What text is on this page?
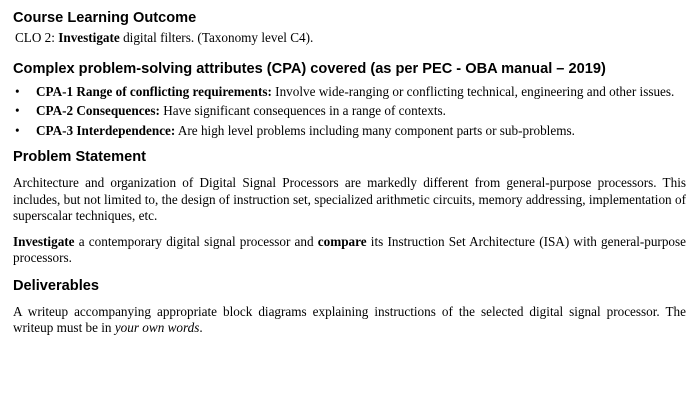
Course Learning Outcome

CLO 2: Investigate digital filters. (Taxonomy level C4).

Complex problem-solving attributes (CPA) covered (as per PEC - OBA manual – 2019)
• CPA-1 Range of conflicting requirements: Involve wide-ranging or conflicting technical, engineering and other issues.
• CPA-2 Consequences: Have significant consequences in a range of contexts.
• CPA-3 Interdependence: Are high level problems including many component parts or sub-problems.
Problem Statement

Architecture and organization of Digital Signal Processors are markedly different from general-purpose processors. This includes, but not limited to, the design of instruction set, specialized arithmetic circuits, memory addressing, implementation of superscalar techniques, etc.

Investigate a contemporary digital signal processor and compare its Instruction Set Architecture (ISA) with general-purpose processors.

Deliverables

A writeup accompanying appropriate block diagrams explaining instructions of the selected digital signal processor. The writeup must be in your own words.
